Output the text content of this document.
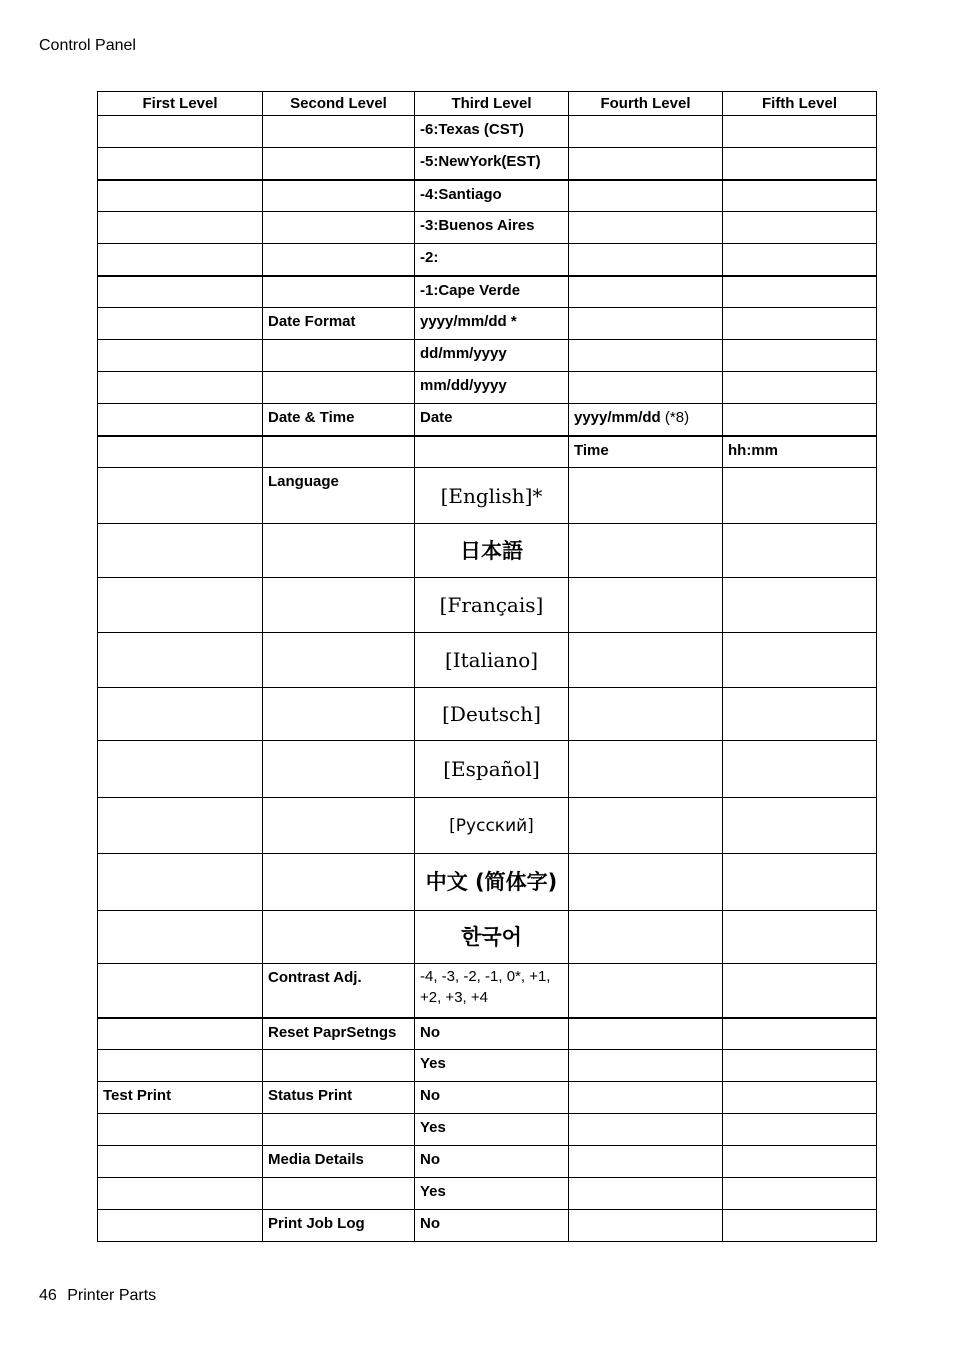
Control Panel
First Level	Second Level	Third Level	Fourth Level	Fifth Level
		-6:Texas (CST)		
		-5:NewYork(EST)		
		-4:Santiago		
		-3:Buenos Aires		
		-2:		
		-1:Cape Verde		
	Date Format	yyyy/mm/dd *		
		dd/mm/yyyy		
		mm/dd/yyyy		
	Date & Time	Date	yyyy/mm/dd (*8)	
			Time	hh:mm
	Language	[English]*		
		日本語		
		[Français]		
		[Italiano]		
		[Deutsch]		
		[Español]		
		[Русский]		
		中文 (简体字)		
		한국어		
	Contrast Adj.	-4, -3, -2, -1, 0*, +1, +2, +3, +4		
	Reset PaprSetngs	No		
		Yes		
Test Print	Status Print	No		
		Yes		
	Media Details	No		
		Yes		
	Print Job Log	No		
46 Printer Parts
